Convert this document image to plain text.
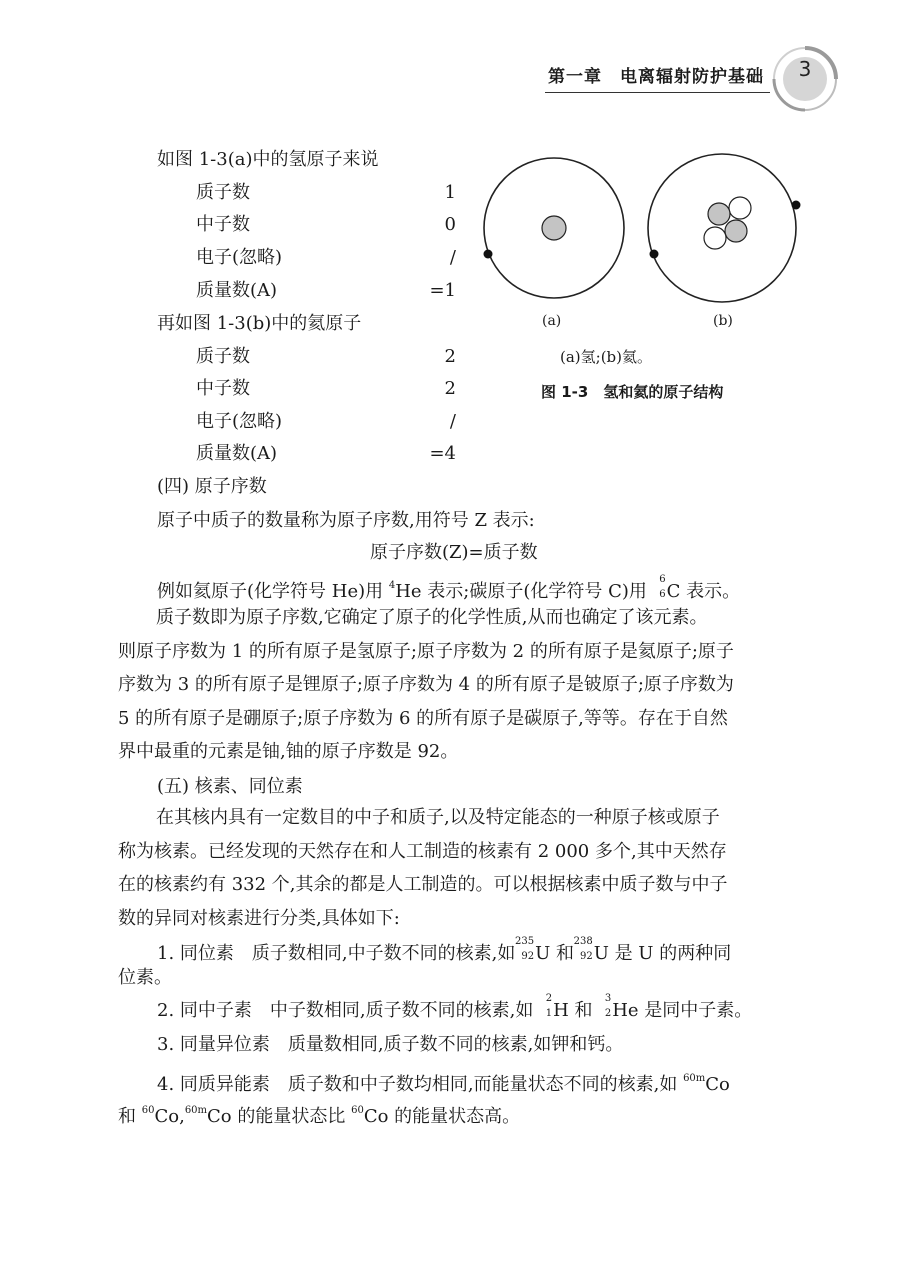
第一章　电离辐射防护基础	3
如图 1-3(a)中的氢原子来说
质子数	1
中子数	0
电子(忽略)	/
质量数(A)	=1
再如图 1-3(b)中的氦原子
质子数	2
中子数	2
电子(忽略)	/
质量数(A)	=4
(a)	(b)
(a)氢;(b)氦。
图 1-3　氢和氦的原子结构
(四) 原子序数
原子中质子的数量称为原子序数,用符号 Z 表示:
原子序数(Z)=质子数
例如氦原子(化学符号 He)用 $^4$He 表示;碳原子(化学符号 C)用
6
6 C 表示。
质子数即为原子序数,它确定了原子的化学性质,从而也确定了该元素。
则原子序数为 1 的所有原子是氢原子;原子序数为 2 的所有原子是氦原子;原子
序数为 3 的所有原子是锂原子;原子序数为 4 的所有原子是铍原子;原子序数为
5 的所有原子是硼原子;原子序数为 6 的所有原子是碳原子,等等。存在于自然
界中最重的元素是铀,铀的原子序数是 92。
(五) 核素、同位素
在其核内具有一定数目的中子和质子,以及特定能态的一种原子核或原子
称为核素。已经发现的天然存在和人工制造的核素有 2 000 多个,其中天然存
在的核素约有 332 个,其余的都是人工制造的。可以根据核素中质子数与中子
数的异同对核素进行分类,具体如下:
1. 同位素　质子数相同,中子数不同的核素,如
235
92 U 和
238
92 U 是 U 的两种同
位素。
2. 同中子素　中子数相同,质子数不同的核素,如
2
1 H 和
3
2 He 是同中子素。
3. 同量异位素　质量数相同,质子数不同的核素,如钾和钙。
4. 同质异能素　质子数和中子数均相同,而能量状态不同的核素,如 $^{60m}$Co
和 $^{60}$Co,$^{60m}$Co 的能量状态比 $^{60}$Co 的能量状态高。
